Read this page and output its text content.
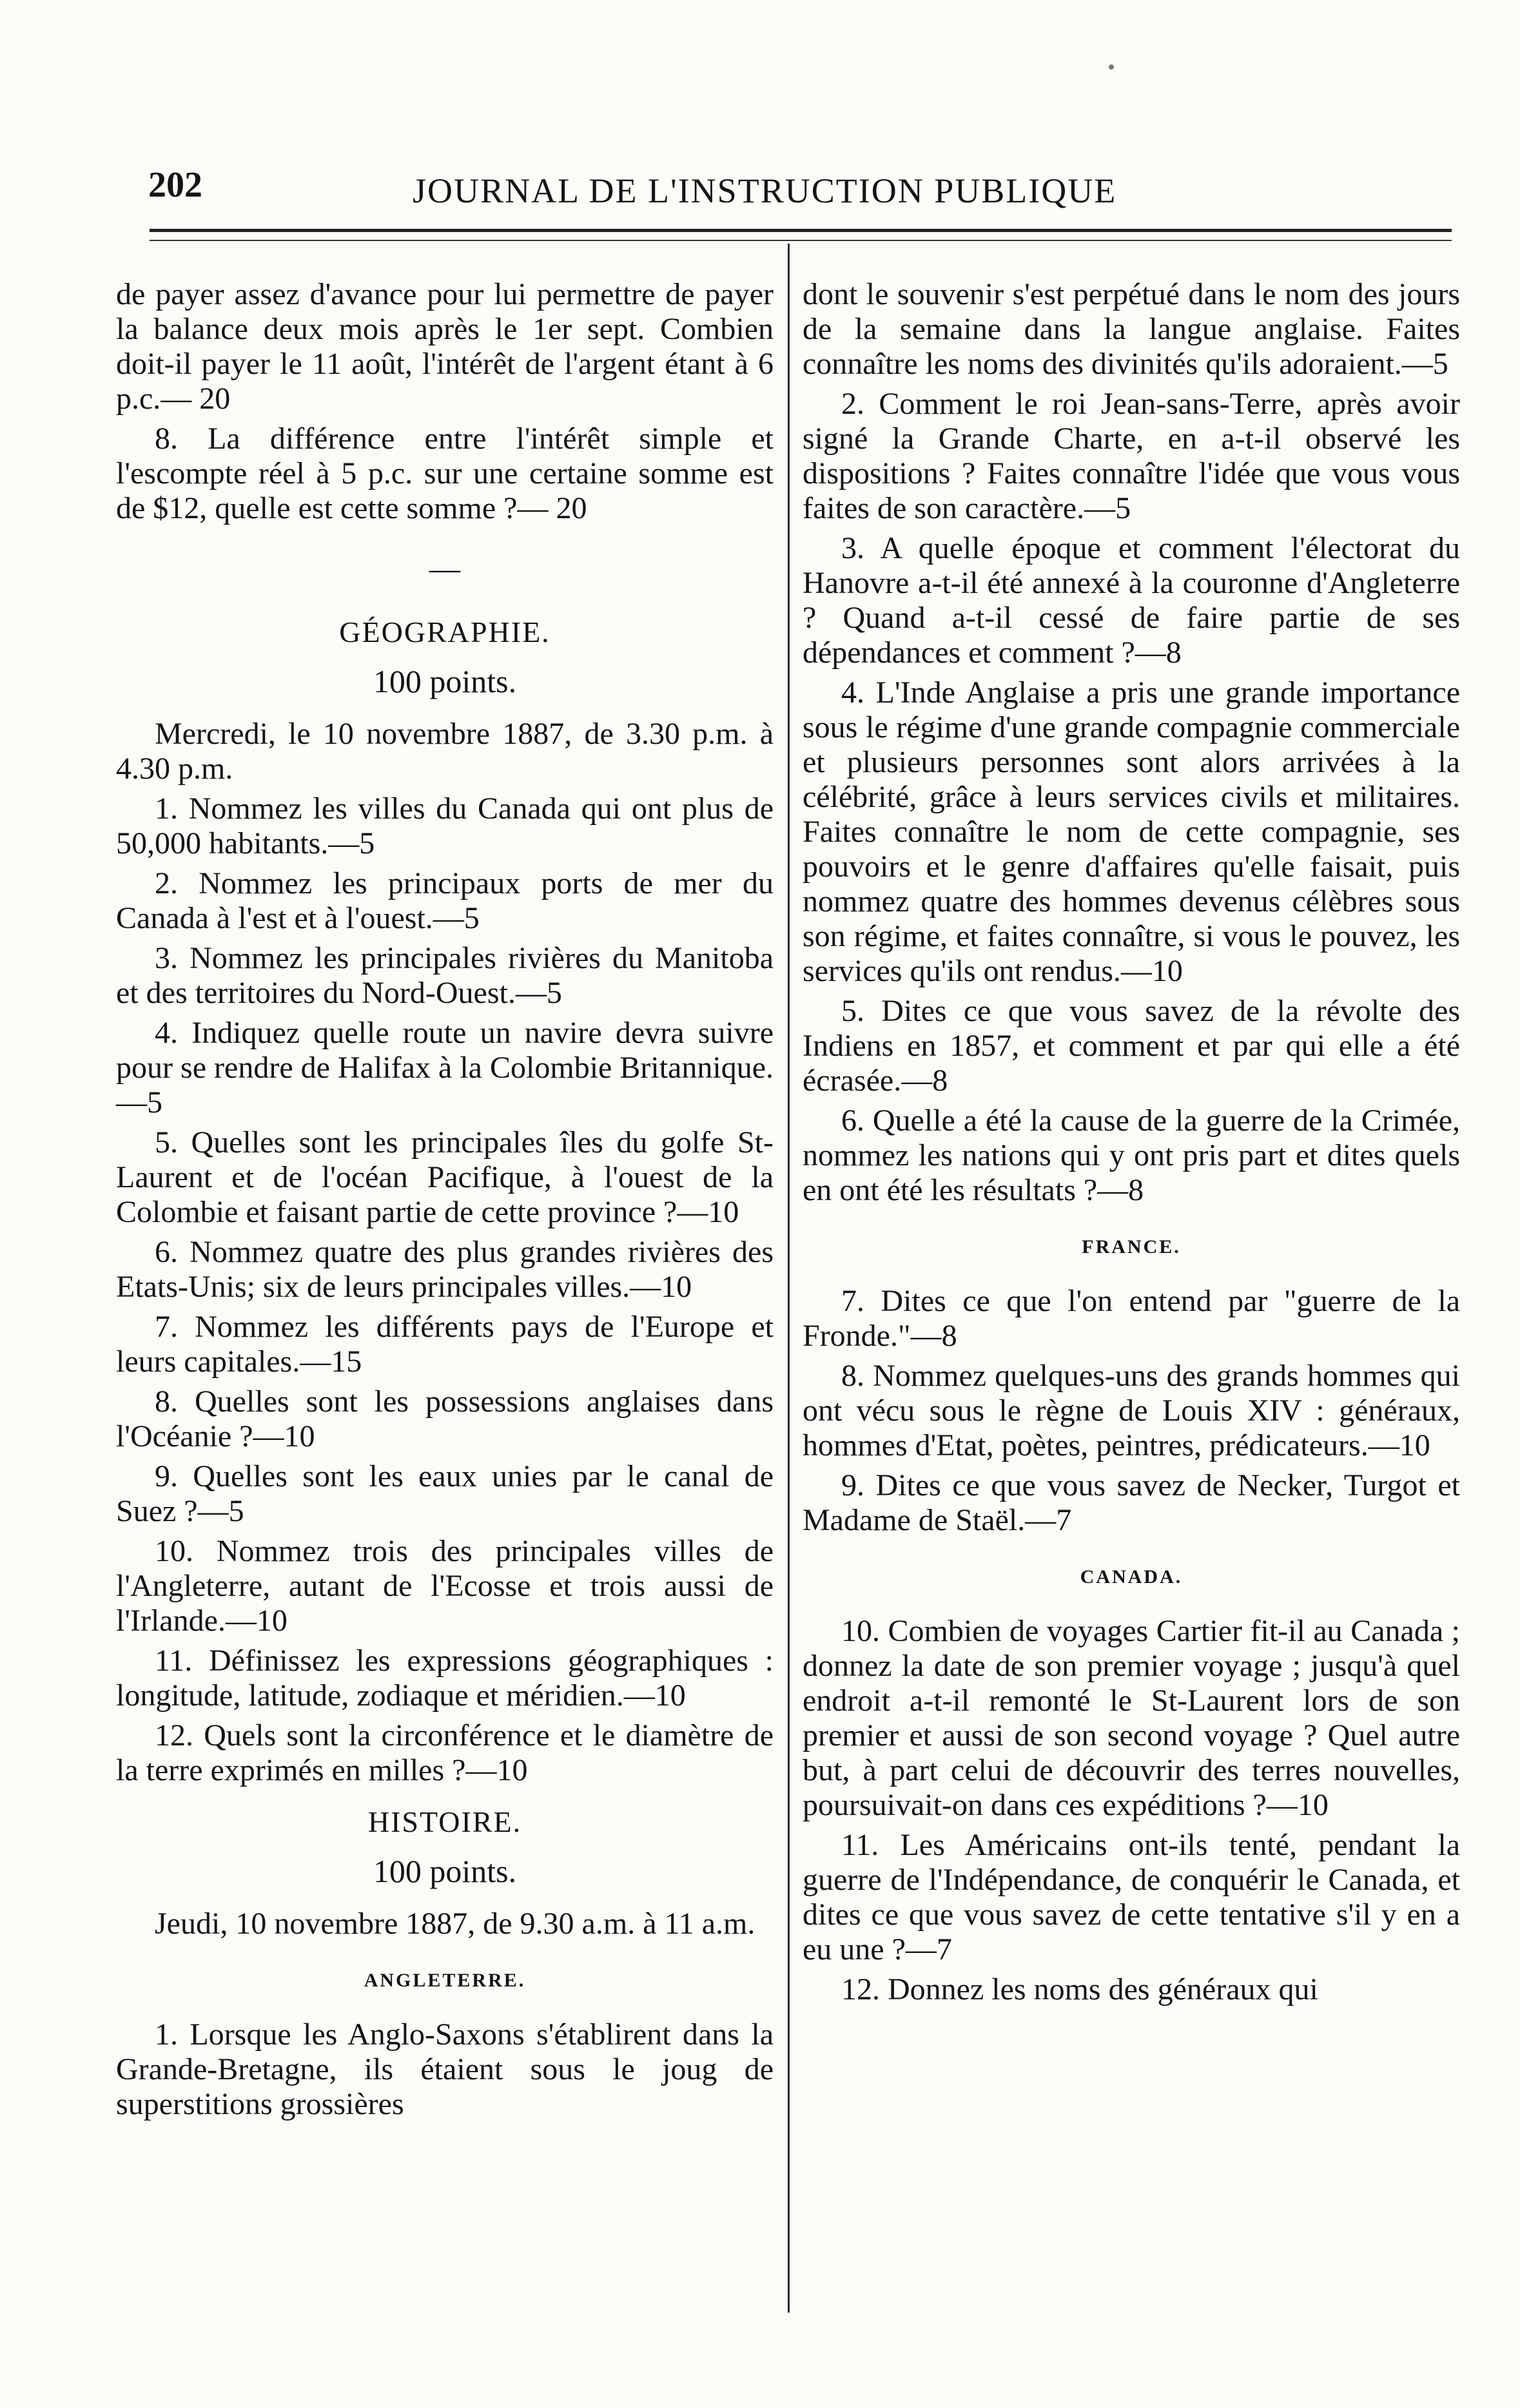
202	JOURNAL DE L'INSTRUCTION PUBLIQUE

de payer assez d'avance pour lui permettre de payer la balance deux mois après le 1er sept. Combien doit-il payer le 11 août, l'intérêt de l'argent étant à 6 p.c.— 20

8. La différence entre l'intérêt simple et l'escompte réel à 5 p.c. sur une certaine somme est de $12, quelle est cette somme ?— 20

—
GÉOGRAPHIE.
100 points.

Mercredi, le 10 novembre 1887, de 3.30 p.m. à 4.30 p.m.

1. Nommez les villes du Canada qui ont plus de 50,000 habitants.—5

2. Nommez les principaux ports de mer du Canada à l'est et à l'ouest.—5

3. Nommez les principales rivières du Manitoba et des territoires du Nord-Ouest.—5

4. Indiquez quelle route un navire devra suivre pour se rendre de Halifax à la Colombie Britannique.—5

5. Quelles sont les principales îles du golfe St-Laurent et de l'océan Pacifique, à l'ouest de la Colombie et faisant partie de cette province ?—10

6. Nommez quatre des plus grandes rivières des Etats-Unis; six de leurs principales villes.—10

7. Nommez les différents pays de l'Europe et leurs capitales.—15

8. Quelles sont les possessions anglaises dans l'Océanie ?—10

9. Quelles sont les eaux unies par le canal de Suez ?—5

10. Nommez trois des principales villes de l'Angleterre, autant de l'Ecosse et trois aussi de l'Irlande.—10

11. Définissez les expressions géographiques : longitude, latitude, zodiaque et méridien.—10

12. Quels sont la circonférence et le diamètre de la terre exprimés en milles ?—10

HISTOIRE.
100 points.

Jeudi, 10 novembre 1887, de 9.30 a.m. à 11 a.m.

ANGLETERRE.

1. Lorsque les Anglo-Saxons s'établirent dans la Grande-Bretagne, ils étaient sous le joug de superstitions grossières

dont le souvenir s'est perpétué dans le nom des jours de la semaine dans la langue anglaise. Faites connaître les noms des divinités qu'ils adoraient.—5

2. Comment le roi Jean-sans-Terre, après avoir signé la Grande Charte, en a-t-il observé les dispositions ? Faites connaître l'idée que vous vous faites de son caractère.—5

3. A quelle époque et comment l'électorat du Hanovre a-t-il été annexé à la couronne d'Angleterre ? Quand a-t-il cessé de faire partie de ses dépendances et comment ?—8

4. L'Inde Anglaise a pris une grande importance sous le régime d'une grande compagnie commerciale et plusieurs personnes sont alors arrivées à la célébrité, grâce à leurs services civils et militaires. Faites connaître le nom de cette compagnie, ses pouvoirs et le genre d'affaires qu'elle faisait, puis nommez quatre des hommes devenus célèbres sous son régime, et faites connaître, si vous le pouvez, les services qu'ils ont rendus.—10

5. Dites ce que vous savez de la révolte des Indiens en 1857, et comment et par qui elle a été écrasée.—8

6. Quelle a été la cause de la guerre de la Crimée, nommez les nations qui y ont pris part et dites quels en ont été les résultats ?—8

FRANCE.

7. Dites ce que l'on entend par "guerre de la Fronde."—8

8. Nommez quelques-uns des grands hommes qui ont vécu sous le règne de Louis XIV : généraux, hommes d'Etat, poètes, peintres, prédicateurs.—10

9. Dites ce que vous savez de Necker, Turgot et Madame de Staël.—7

CANADA.

10. Combien de voyages Cartier fit-il au Canada ; donnez la date de son premier voyage ; jusqu'à quel endroit a-t-il remonté le St-Laurent lors de son premier et aussi de son second voyage ? Quel autre but, à part celui de découvrir des terres nouvelles, poursuivait-on dans ces expéditions ?—10

11. Les Américains ont-ils tenté, pendant la guerre de l'Indépendance, de conquérir le Canada, et dites ce que vous savez de cette tentative s'il y en a eu une ?—7

12. Donnez les noms des généraux qui
